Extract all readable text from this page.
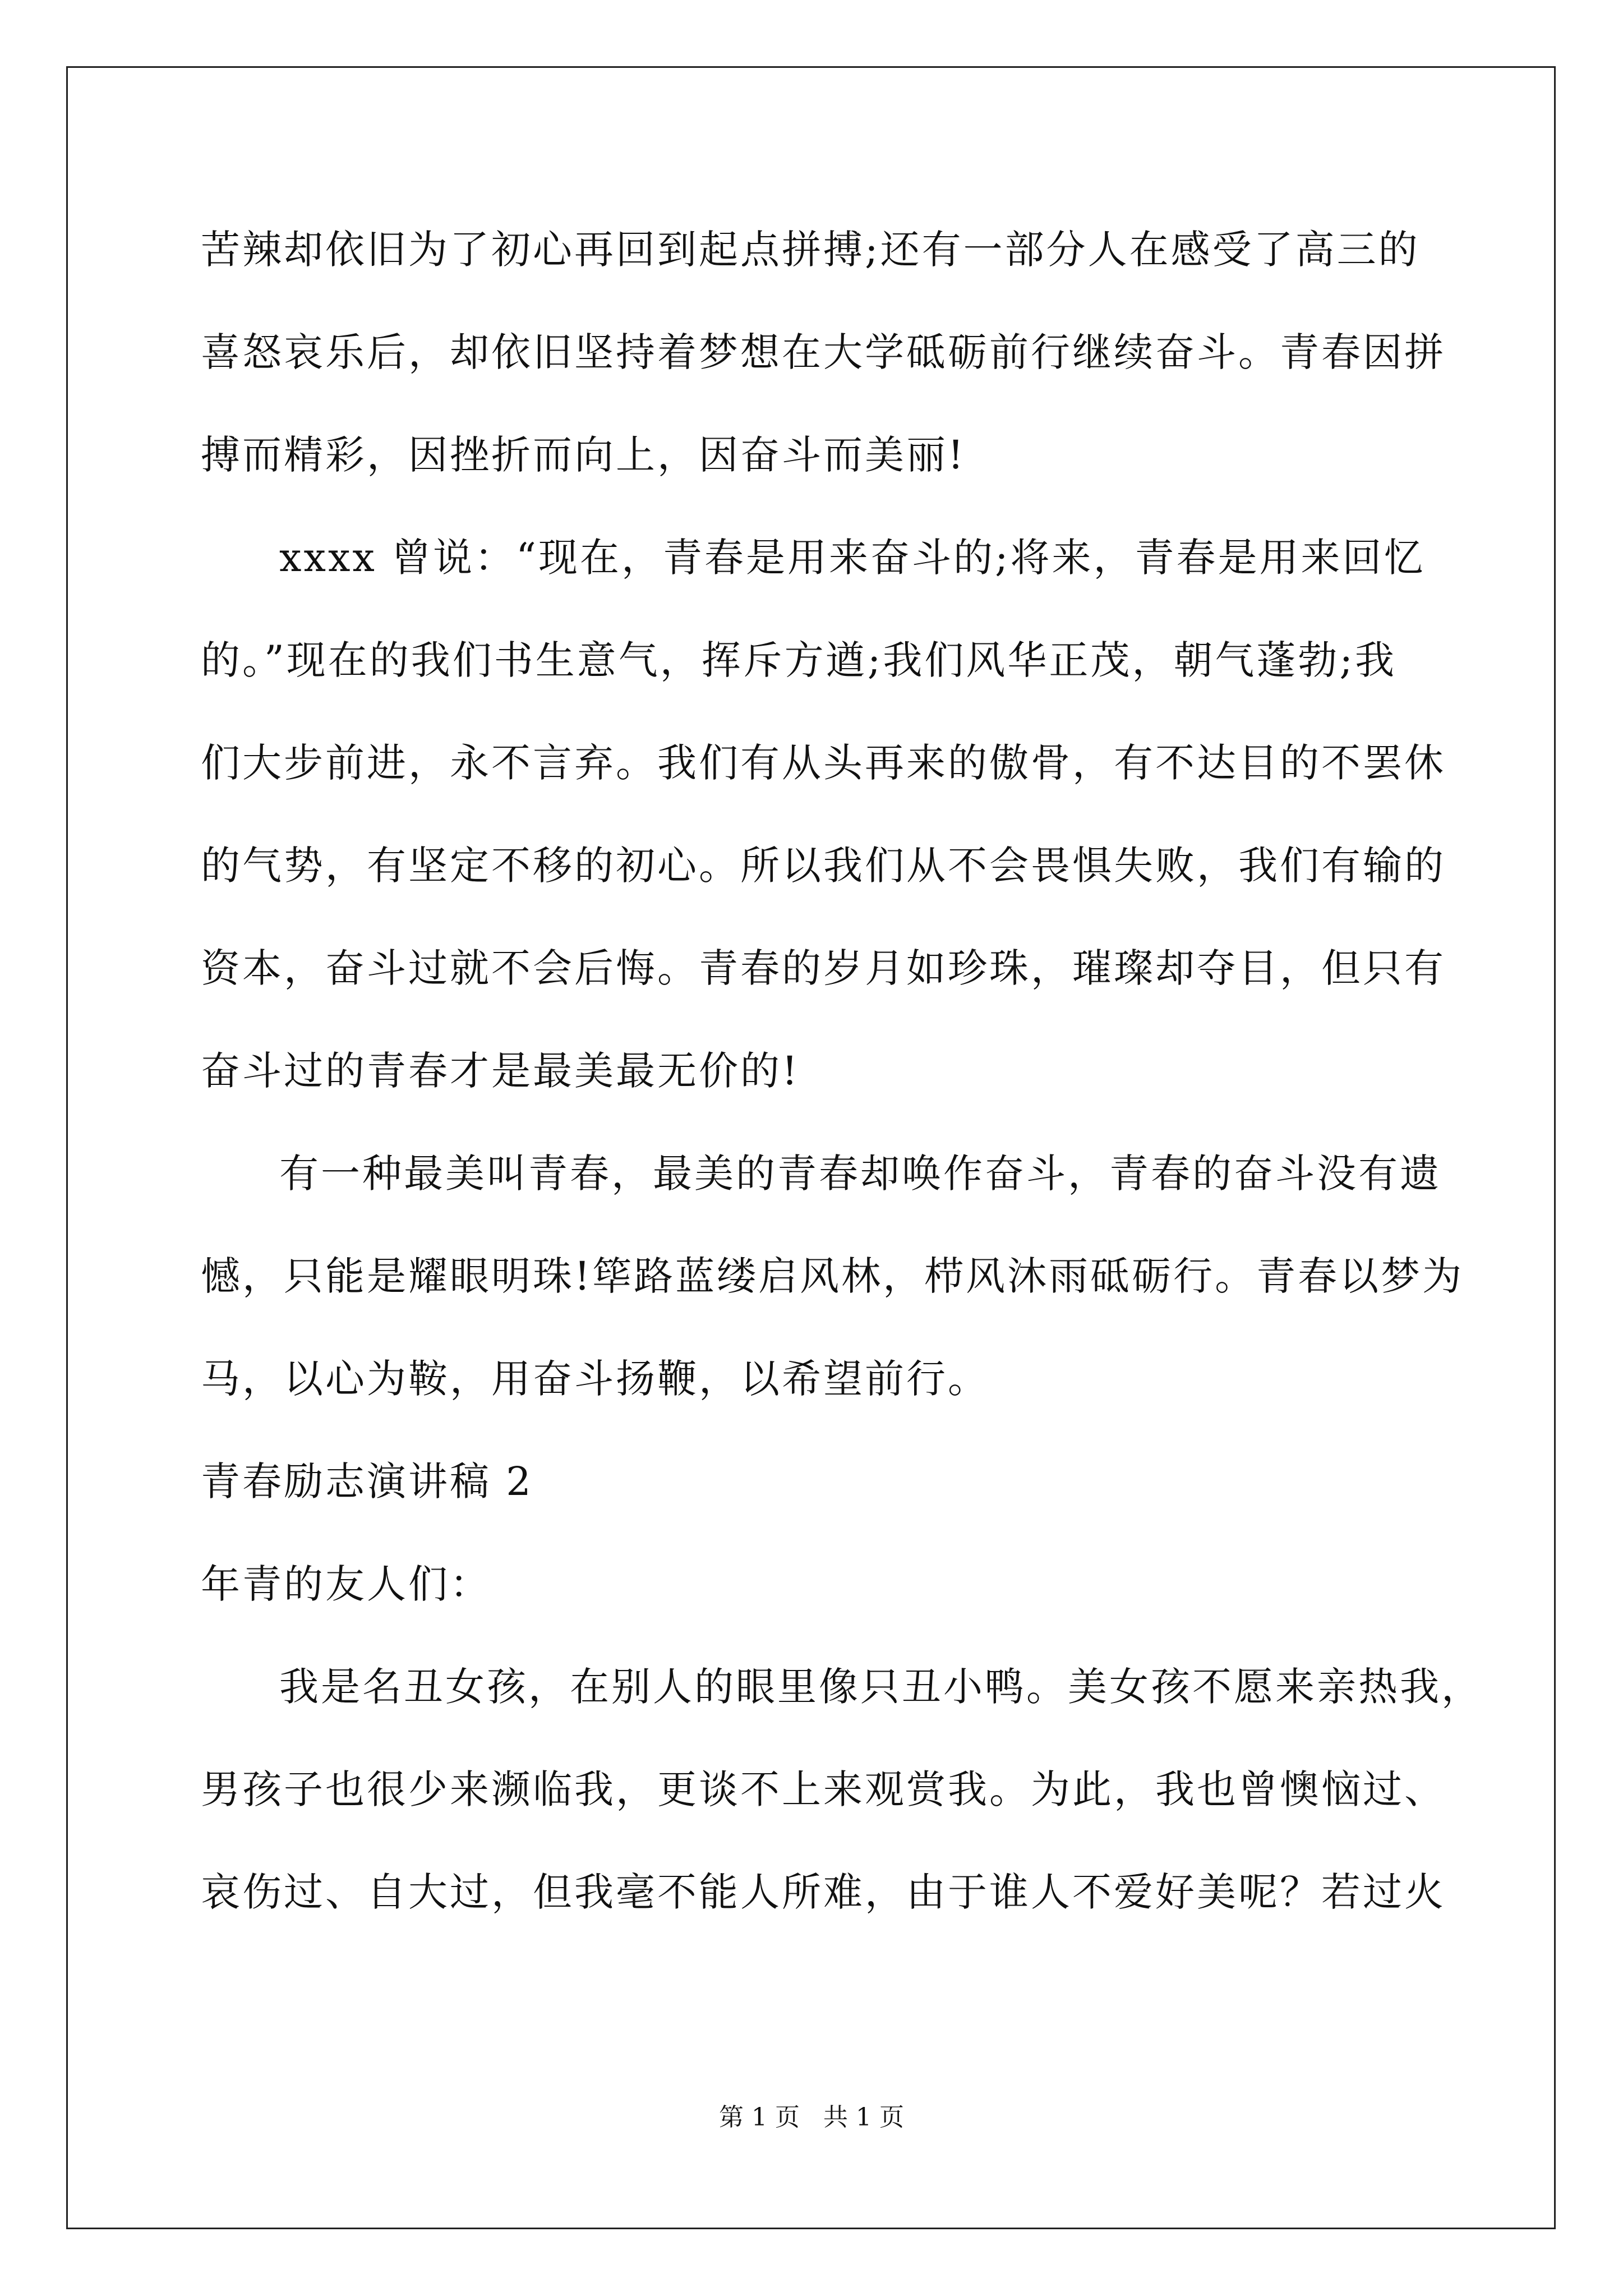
苦辣却依旧为了初心再回到起点拼搏;还有一部分人在感受了高三的
喜怒哀乐后，却依旧坚持着梦想在大学砥砺前行继续奋斗。青春因拼
搏而精彩，因挫折而向上，因奋斗而美丽!
xxxx 曾说：“现在，青春是用来奋斗的;将来，青春是用来回忆
的。”现在的我们书生意气，挥斥方遒;我们风华正茂，朝气蓬勃;我
们大步前进，永不言弃。我们有从头再来的傲骨，有不达目的不罢休
的气势，有坚定不移的初心。所以我们从不会畏惧失败，我们有输的
资本，奋斗过就不会后悔。青春的岁月如珍珠，璀璨却夺目，但只有
奋斗过的青春才是最美最无价的!
有一种最美叫青春，最美的青春却唤作奋斗，青春的奋斗没有遗
憾，只能是耀眼明珠!筚路蓝缕启风林，栉风沐雨砥砺行。青春以梦为
马，以心为鞍，用奋斗扬鞭，以希望前行。
青春励志演讲稿 2
年青的友人们：
我是名丑女孩，在别人的眼里像只丑小鸭。美女孩不愿来亲热我，
男孩子也很少来濒临我，更谈不上来观赏我。为此，我也曾懊恼过、
哀伤过、自大过，但我毫不能人所难，由于谁人不爱好美呢？若过火
第 1 页   共 1 页
